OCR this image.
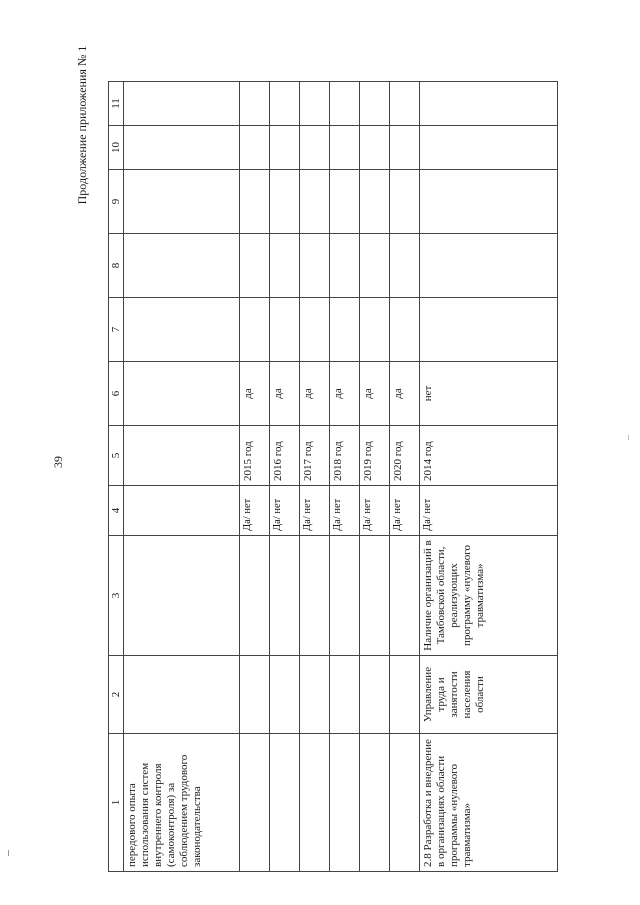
39
Продолжение приложения № 1
1	2	3	4	5	6	7	8	9	10	11
передового опыта использования систем внутреннего контроля (самоконтроля) за соблюдением трудового законодательства										
			Да/ нет	2015 год	да					
			Да/ нет	2016 год	да					
			Да/ нет	2017 год	да					
			Да/ нет	2018 год	да					
			Да/ нет	2019 год	да					
			Да/ нет	2020 год	да					
2.8 Разработка и внедрение в организациях области программы «нулевого травматизма»	Управление труда и занятости населения области	Наличие организаций в Тамбовской области, реализующих программу «нулевого травматизма»	Да/ нет	2014 год	нет					
